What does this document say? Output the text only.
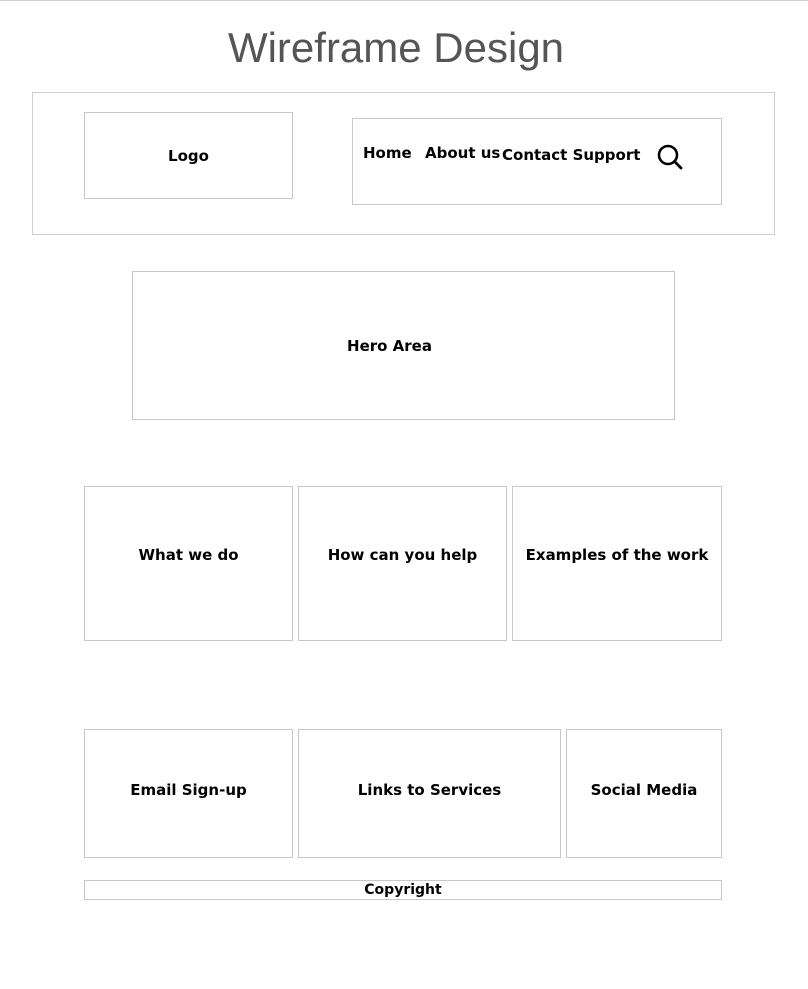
Wireframe Design
Logo	Home About us Contact Support
Hero Area
What we do	How can you help	Examples of the work
Email Sign-up	Links to Services	Social Media
Copyright
